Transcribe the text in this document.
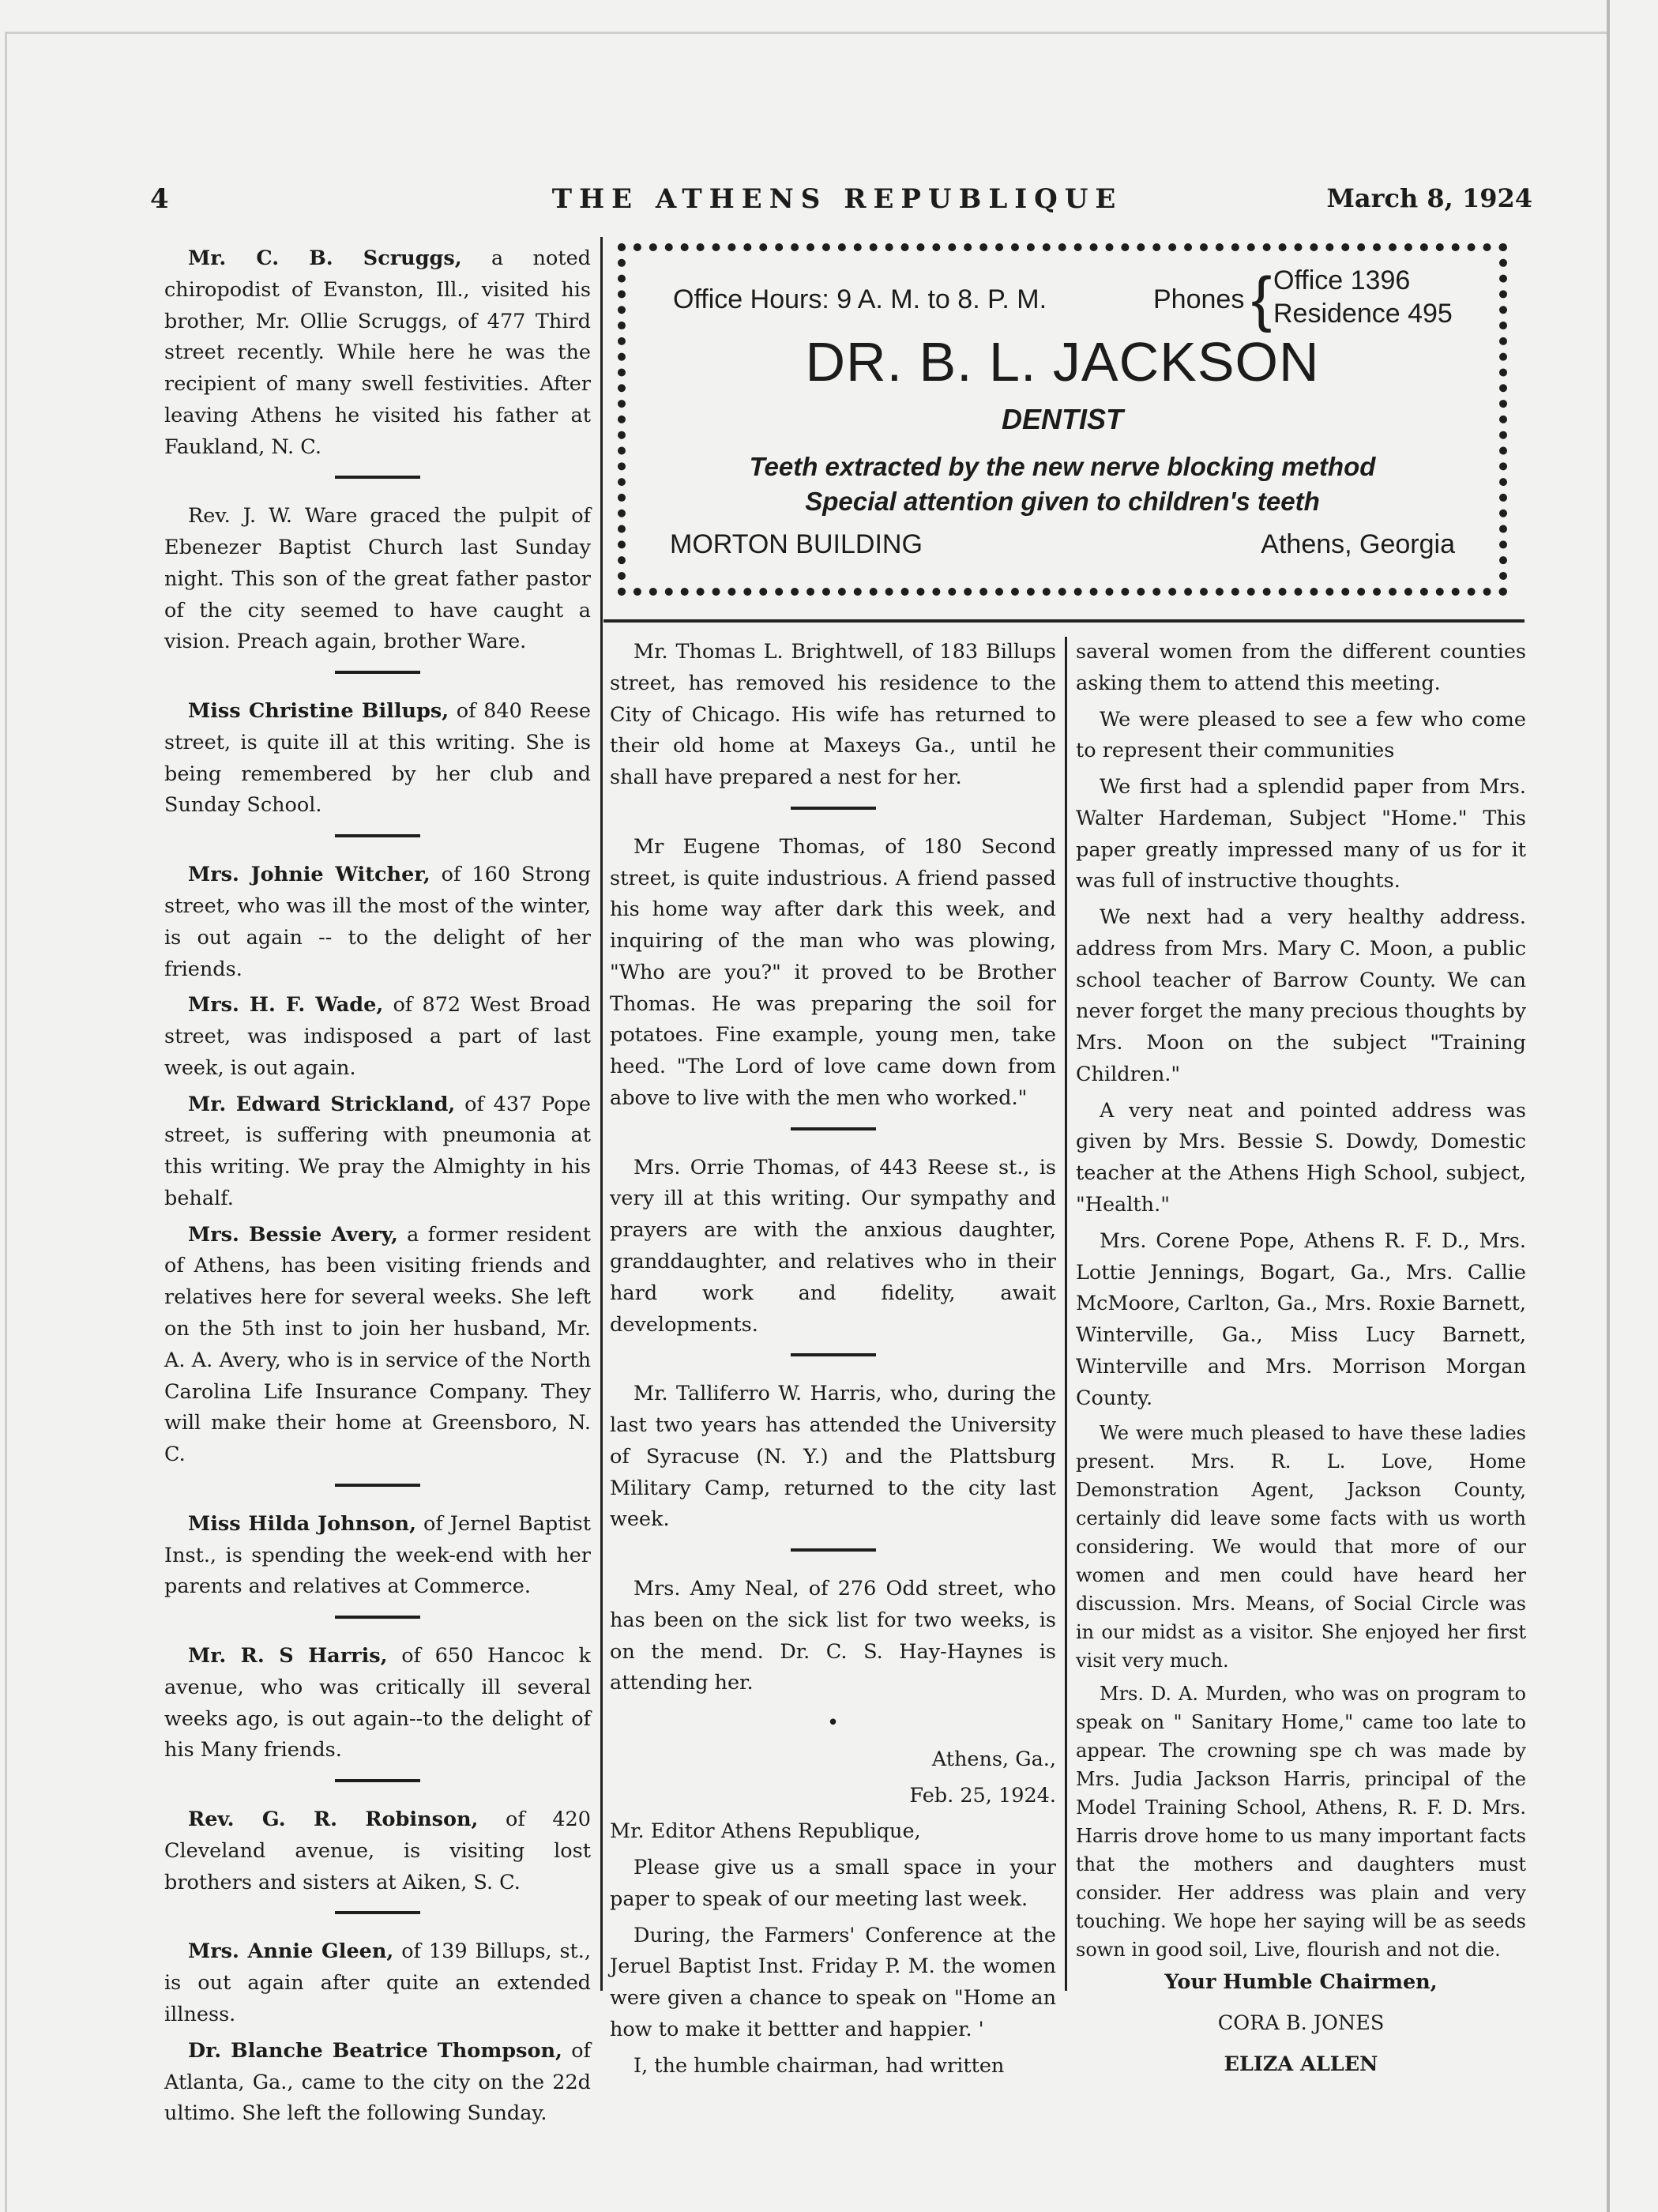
4	THE ATHENS REPUBLIQUE	March 8, 1924

Mr. C. B. Scruggs, a noted chiropodist of Evanston, Ill., visited his brother, Mr. Ollie Scruggs, of 477 Third street recently. While here he was the recipient of many swell festivities. After leaving Athens he visited his father at Faukland, N. C.

Rev. J. W. Ware graced the pulpit of Ebenezer Baptist Church last Sunday night. This son of the great father pastor of the city seemed to have caught a vision. Preach again, brother Ware.

Miss Christine Billups, of 840 Reese street, is quite ill at this writing. She is being remembered by her club and Sunday School.

Mrs. Johnie Witcher, of 160 Strong street, who was ill the most of the winter, is out again -- to the delight of her friends.

Mrs. H. F. Wade, of 872 West Broad street, was indisposed a part of last week, is out again.

Mr. Edward Strickland, of 437 Pope street, is suffering with pneumonia at this writing. We pray the Almighty in his behalf.

Mrs. Bessie Avery, a former resident of Athens, has been visiting friends and relatives here for several weeks. She left on the 5th inst to join her husband, Mr. A. A. Avery, who is in service of the North Carolina Life Insurance Company. They will make their home at Greensboro, N. C.

Miss Hilda Johnson, of Jernel Baptist Inst., is spending the week-end with her parents and relatives at Commerce.

Mr. R. S Harris, of 650 Hancoc k avenue, who was critically ill several weeks ago, is out again--to the delight of his Many friends.

Rev. G. R. Robinson, of 420 Cleveland avenue, is visiting lost brothers and sisters at Aiken, S. C.

Mrs. Annie Gleen, of 139 Billups, st., is out again after quite an extended illness.

Dr. Blanche Beatrice Thompson, of Atlanta, Ga., came to the city on the 22d ultimo. She left the following Sunday.

Office Hours: 9 A. M. to 8. P. M.	Phones { Office 1396
Residence 495
DR. B. L. JACKSON
DENTIST
Teeth extracted by the new nerve blocking method
Special attention given to children's teeth
MORTON BUILDING	Athens, Georgia

Mr. Thomas L. Brightwell, of 183 Billups street, has removed his residence to the City of Chicago. His wife has returned to their old home at Maxeys Ga., until he shall have prepared a nest for her.

Mr Eugene Thomas, of 180 Second street, is quite industrious. A friend passed his home way after dark this week, and inquiring of the man who was plowing, "Who are you?" it proved to be Brother Thomas. He was preparing the soil for potatoes. Fine example, young men, take heed. "The Lord of love came down from above to live with the men who worked."

Mrs. Orrie Thomas, of 443 Reese st., is very ill at this writing. Our sympathy and prayers are with the anxious daughter, granddaughter, and relatives who in their hard work and fidelity, await developments.

Mr. Talliferro W. Harris, who, during the last two years has attended the University of Syracuse (N. Y.) and the Plattsburg Military Camp, returned to the city last week.

Mrs. Amy Neal, of 276 Odd street, who has been on the sick list for two weeks, is on the mend. Dr. C. S. Hay-Haynes is attending her.

•
Athens, Ga.,
Feb. 25, 1924.

Mr. Editor Athens Republique,

Please give us a small space in your paper to speak of our meeting last week.

During, the Farmers' Conference at the Jeruel Baptist Inst. Friday P. M. the women were given a chance to speak on "Home an how to make it bettter and happier. '

I, the humble chairman, had written

saveral women from the different counties asking them to attend this meeting.

We were pleased to see a few who come to represent their communities

We first had a splendid paper from Mrs. Walter Hardeman, Subject "Home." This paper greatly impressed many of us for it was full of instructive thoughts.

We next had a very healthy address. address from Mrs. Mary C. Moon, a public school teacher of Barrow County. We can never forget the many precious thoughts by Mrs. Moon on the subject "Training Children."

A very neat and pointed address was given by Mrs. Bessie S. Dowdy, Domestic teacher at the Athens High School, subject, "Health."

Mrs. Corene Pope, Athens R. F. D., Mrs. Lottie Jennings, Bogart, Ga., Mrs. Callie McMoore, Carlton, Ga., Mrs. Roxie Barnett, Winterville, Ga., Miss Lucy Barnett, Winterville and Mrs. Morrison Morgan County.

We were much pleased to have these ladies present. Mrs. R. L. Love, Home Demonstration Agent, Jackson County, certainly did leave some facts with us worth considering. We would that more of our women and men could have heard her discussion. Mrs. Means, of Social Circle was in our midst as a visitor. She enjoyed her first visit very much.

Mrs. D. A. Murden, who was on program to speak on " Sanitary Home," came too late to appear. The crowning spe ch was made by Mrs. Judia Jackson Harris, principal of the Model Training School, Athens, R. F. D. Mrs. Harris drove home to us many important facts that the mothers and daughters must consider. Her address was plain and very touching. We hope her saying will be as seeds sown in good soil, Live, flourish and not die.

Your Humble Chairmen,

CORA B. JONES

ELIZA ALLEN
